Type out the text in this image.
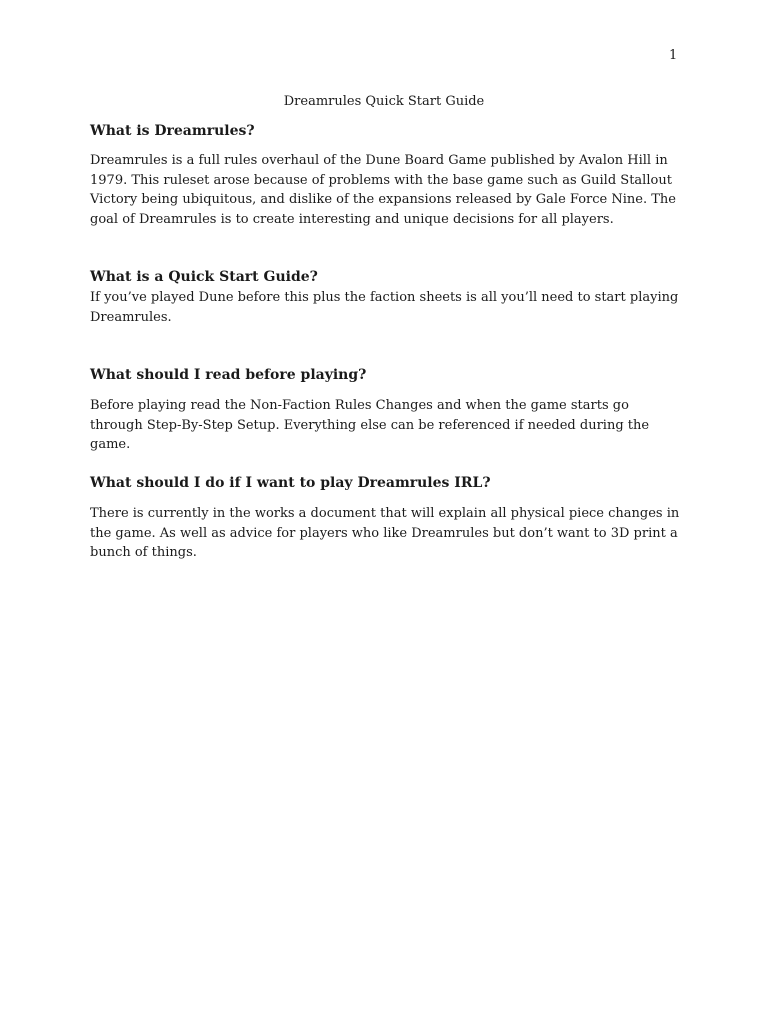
1
Dreamrules Quick Start Guide
What is Dreamrules?

Dreamrules is a full rules overhaul of the Dune Board Game published by Avalon Hill in 1979. This ruleset arose because of problems with the base game such as Guild Stallout Victory being ubiquitous, and dislike of the expansions released by Gale Force Nine. The goal of Dreamrules is to create interesting and unique decisions for all players.

What is a Quick Start Guide?

If you’ve played Dune before this plus the faction sheets is all you’ll need to start playing Dreamrules.

What should I read before playing?

Before playing read the Non-Faction Rules Changes and when the game starts go through Step-By-Step Setup. Everything else can be referenced if needed during the game.

What should I do if I want to play Dreamrules IRL?

There is currently in the works a document that will explain all physical piece changes in the game. As well as advice for players who like Dreamrules but don’t want to 3D print a bunch of things.
